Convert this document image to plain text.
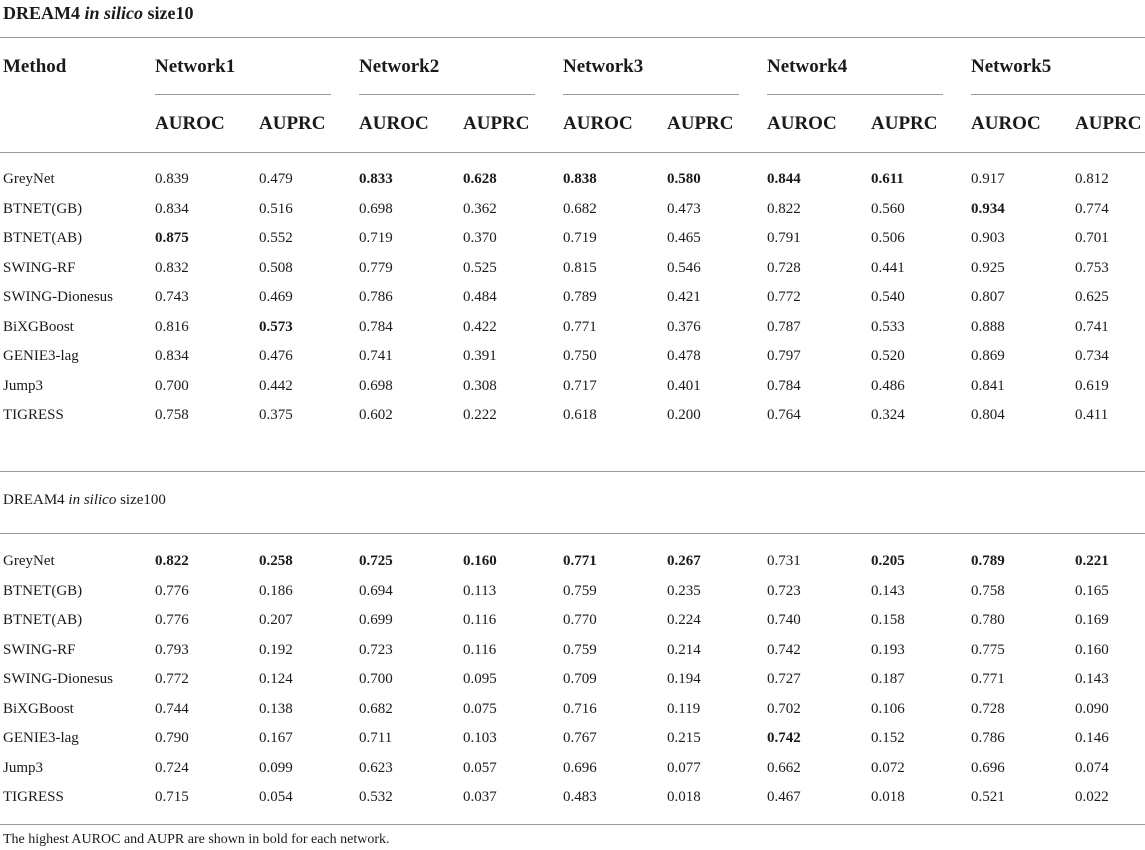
DREAM4 in silico size10
Method	Network1	Network2	Network3	Network4	Network5
AUROC AUPRC AUROC AUPRC AUROC AUPRC AUROC AUPRC AUROC AUPRC
GreyNet	0.839	0.479	0.833	0.628	0.838	0.580	0.844	0.611	0.917	0.812
BTNET(GB)	0.834	0.516	0.698	0.362	0.682	0.473	0.822	0.560	0.934	0.774
BTNET(AB)	0.875	0.552	0.719	0.370	0.719	0.465	0.791	0.506	0.903	0.701
SWING-RF	0.832	0.508	0.779	0.525	0.815	0.546	0.728	0.441	0.925	0.753
SWING-Dionesus	0.743	0.469	0.786	0.484	0.789	0.421	0.772	0.540	0.807	0.625
BiXGBoost	0.816	0.573	0.784	0.422	0.771	0.376	0.787	0.533	0.888	0.741
GENIE3-lag	0.834	0.476	0.741	0.391	0.750	0.478	0.797	0.520	0.869	0.734
Jump3	0.700	0.442	0.698	0.308	0.717	0.401	0.784	0.486	0.841	0.619
TIGRESS	0.758	0.375	0.602	0.222	0.618	0.200	0.764	0.324	0.804	0.411
DREAM4 in silico size100
GreyNet	0.822	0.258	0.725	0.160	0.771	0.267	0.731	0.205	0.789	0.221
BTNET(GB)	0.776	0.186	0.694	0.113	0.759	0.235	0.723	0.143	0.758	0.165
BTNET(AB)	0.776	0.207	0.699	0.116	0.770	0.224	0.740	0.158	0.780	0.169
SWING-RF	0.793	0.192	0.723	0.116	0.759	0.214	0.742	0.193	0.775	0.160
SWING-Dionesus	0.772	0.124	0.700	0.095	0.709	0.194	0.727	0.187	0.771	0.143
BiXGBoost	0.744	0.138	0.682	0.075	0.716	0.119	0.702	0.106	0.728	0.090
GENIE3-lag	0.790	0.167	0.711	0.103	0.767	0.215	0.742	0.152	0.786	0.146
Jump3	0.724	0.099	0.623	0.057	0.696	0.077	0.662	0.072	0.696	0.074
TIGRESS	0.715	0.054	0.532	0.037	0.483	0.018	0.467	0.018	0.521	0.022
The highest AUROC and AUPR are shown in bold for each network.
